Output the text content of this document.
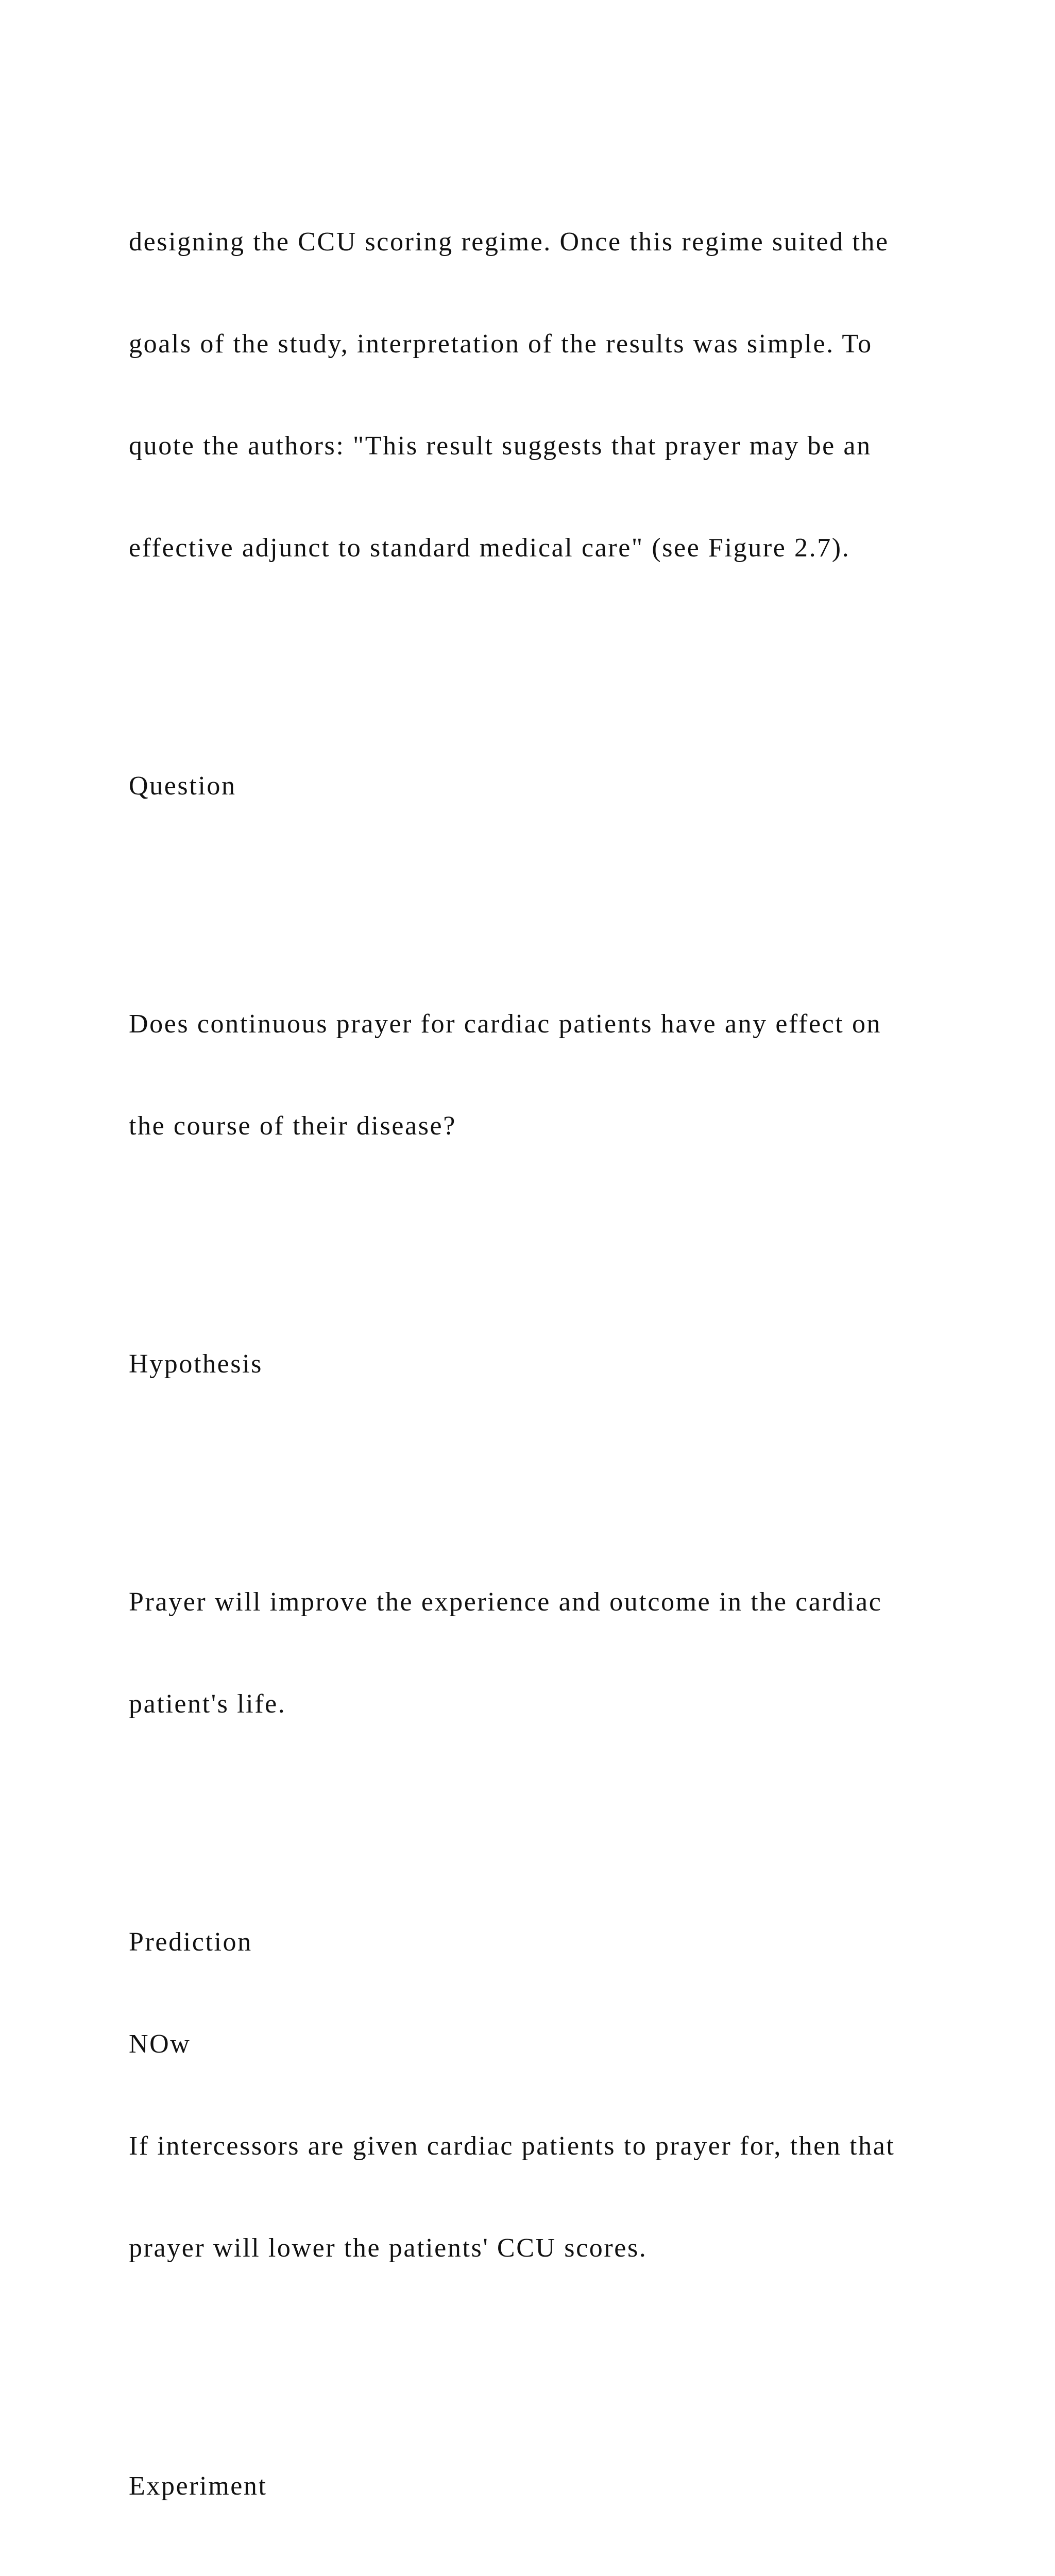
designing the CCU scoring regime. Once this regime suited the

goals of the study, interpretation of the results was simple. To

quote the authors: "This result suggests that prayer may be an

effective adjunct to standard medical care" (see Figure 2.7).

Question

Does continuous prayer for cardiac patients have any effect on

the course of their disease?

Hypothesis

Prayer will improve the experience and outcome in the cardiac

patient's life.

Prediction

NOw

If intercessors are given cardiac patients to prayer for, then that

prayer will lower the patients' CCU scores.

Experiment
